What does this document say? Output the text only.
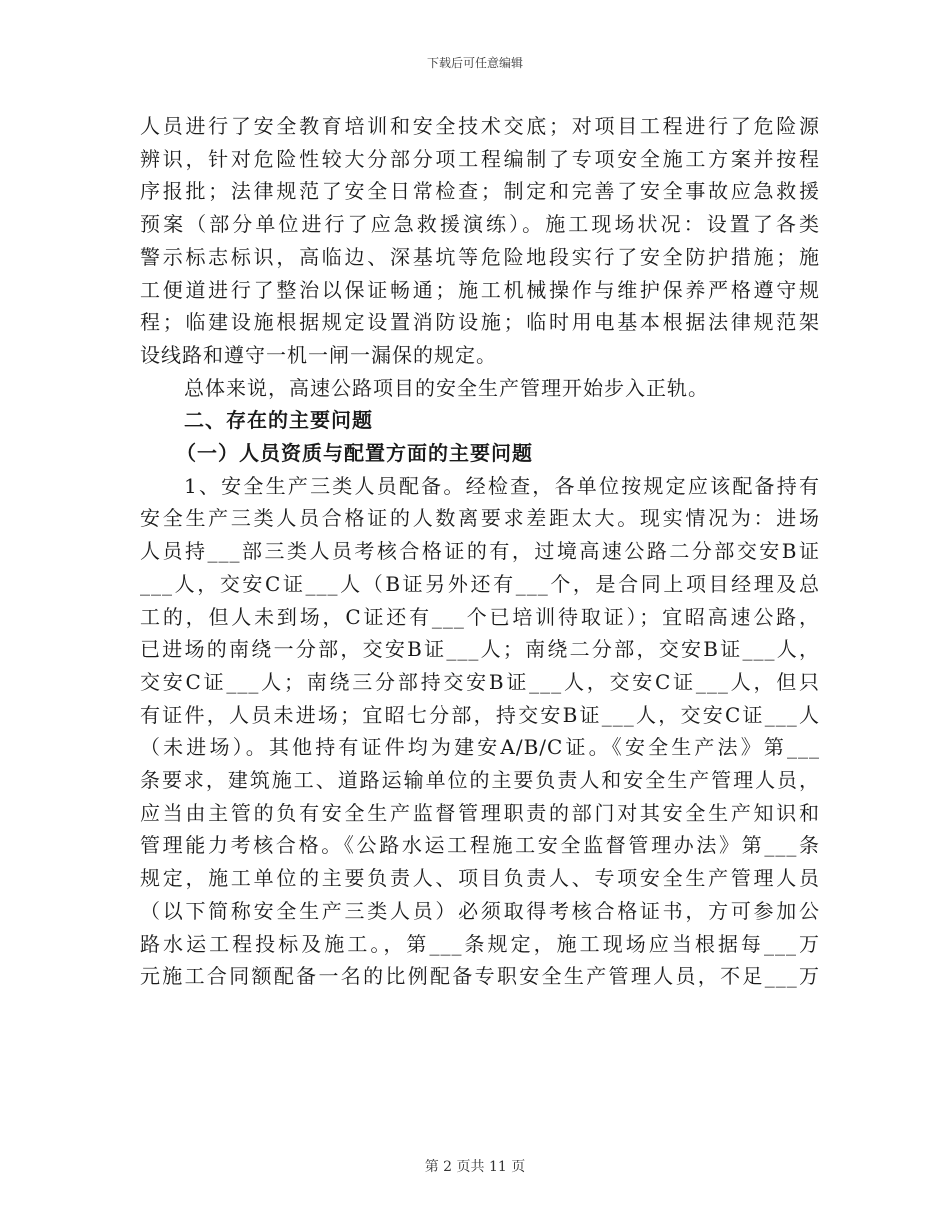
下载后可任意编辑
人员进行了安全教育培训和安全技术交底；对项目工程进行了危险源
辨识，针对危险性较大分部分项工程编制了专项安全施工方案并按程
序报批；法律规范了安全日常检查；制定和完善了安全事故应急救援
预案（部分单位进行了应急救援演练）。施工现场状况：设置了各类
警示标志标识，高临边、深基坑等危险地段实行了安全防护措施；施
工便道进行了整治以保证畅通；施工机械操作与维护保养严格遵守规
程；临建设施根据规定设置消防设施；临时用电基本根据法律规范架
设线路和遵守一机一闸一漏保的规定。
总体来说，高速公路项目的安全生产管理开始步入正轨。
二、存在的主要问题
（一）人员资质与配置方面的主要问题
1、安全生产三类人员配备。经检查，各单位按规定应该配备持有
安全生产三类人员合格证的人数离要求差距太大。现实情况为：进场
人员持___部三类人员考核合格证的有，过境高速公路二分部交安B证
___人，交安C证___人（B证另外还有___个，是合同上项目经理及总
工的，但人未到场，C证还有___个已培训待取证）；宜昭高速公路，
已进场的南绕一分部，交安B证___人；南绕二分部，交安B证___人，
交安C证___人；南绕三分部持交安B证___人，交安C证___人，但只
有证件，人员未进场；宜昭七分部，持交安B证___人，交安C证___人
（未进场）。其他持有证件均为建安A/B/C证。《安全生产法》第___
条要求，建筑施工、道路运输单位的主要负责人和安全生产管理人员，
应当由主管的负有安全生产监督管理职责的部门对其安全生产知识和
管理能力考核合格。《公路水运工程施工安全监督管理办法》第___条
规定，施工单位的主要负责人、项目负责人、专项安全生产管理人员
（以下简称安全生产三类人员）必须取得考核合格证书，方可参加公
路水运工程投标及施工。，第___条规定，施工现场应当根据每___万
元施工合同额配备一名的比例配备专职安全生产管理人员，不足___万
第 2 页共 11 页
